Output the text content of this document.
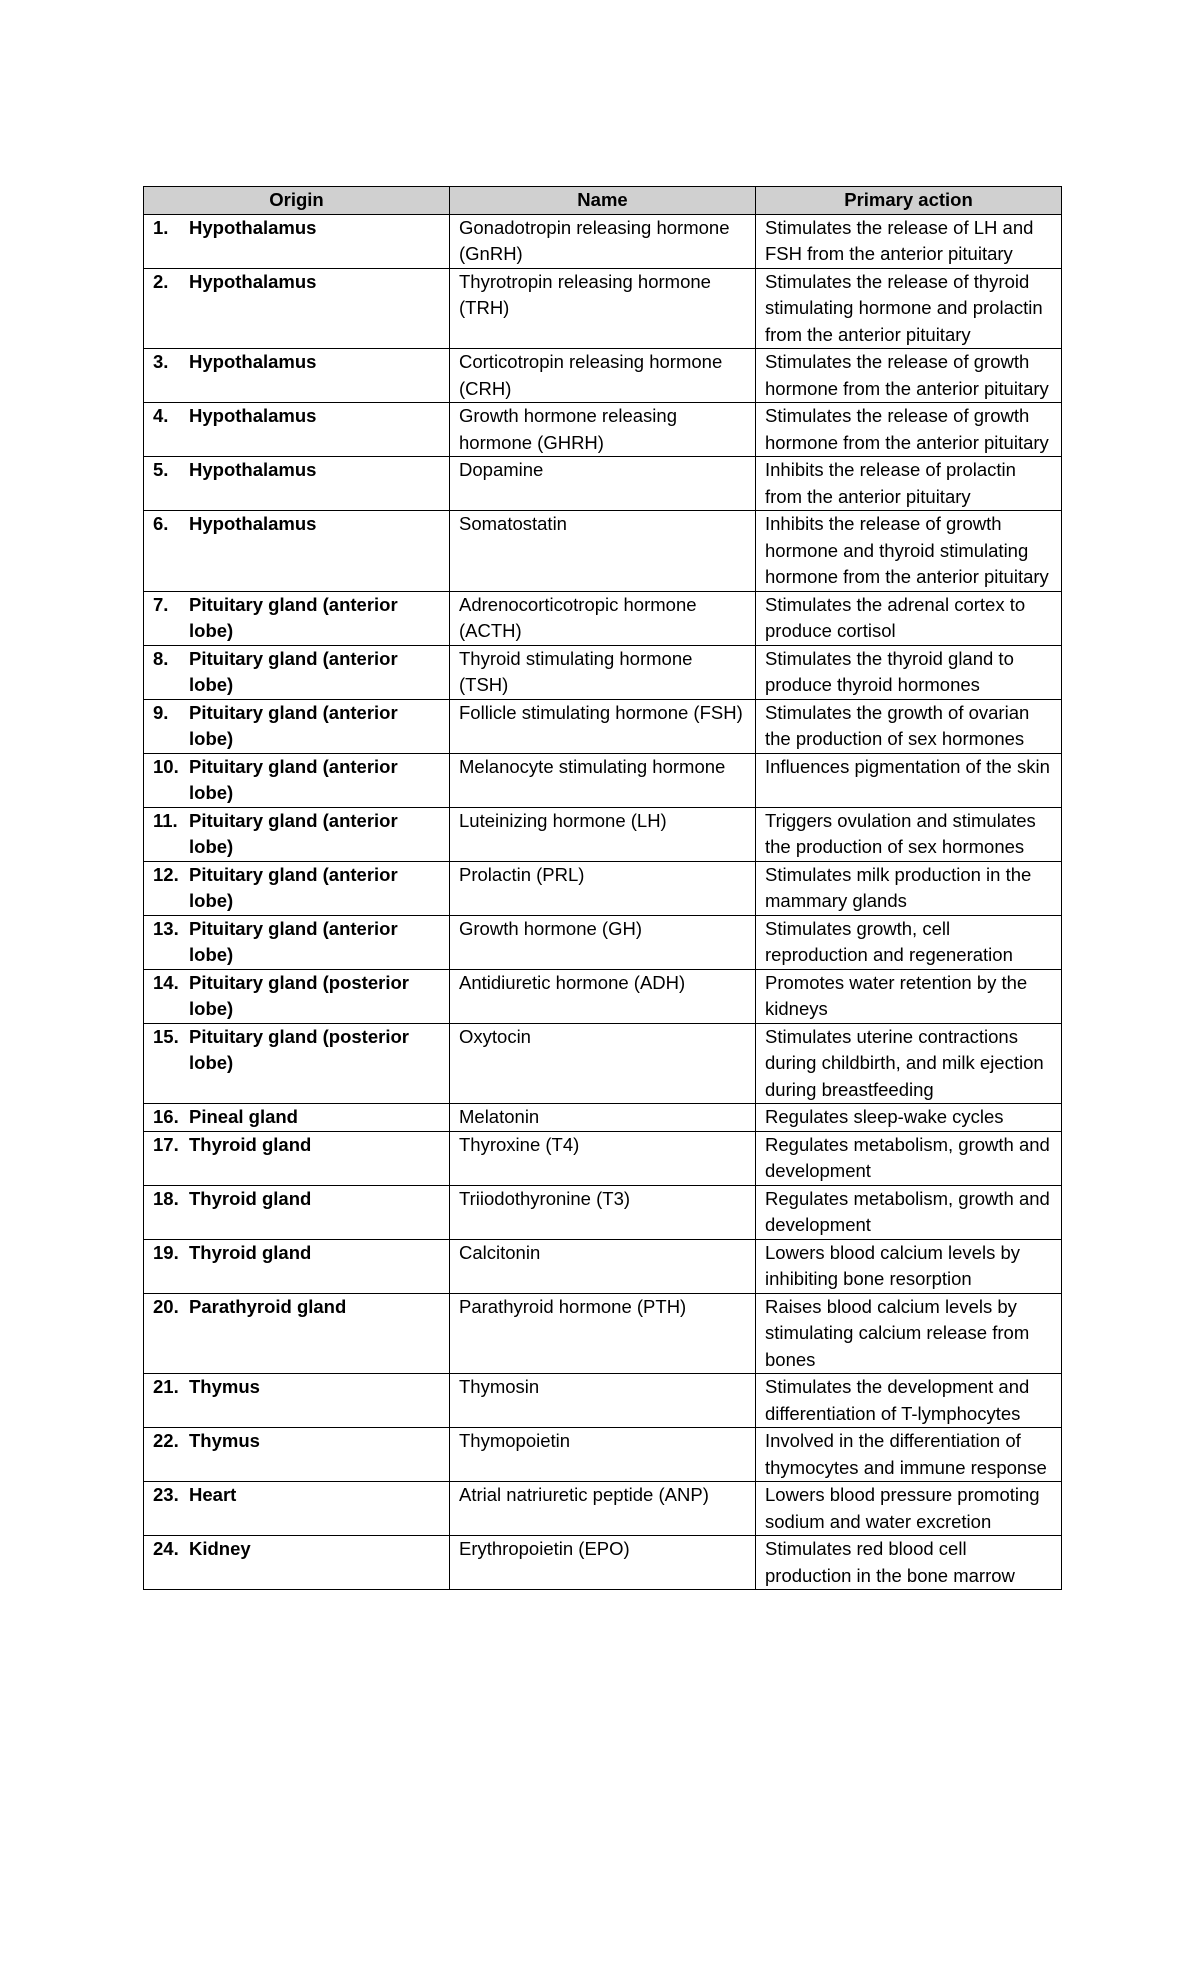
Origin	Name	Primary action

1. Hypothalamus	Gonadotropin releasing hormone (GnRH)	Stimulates the release of LH and FSH from the anterior pituitary

2. Hypothalamus	Thyrotropin releasing hormone (TRH)	Stimulates the release of thyroid stimulating hormone and prolactin from the anterior pituitary

3. Hypothalamus	Corticotropin releasing hormone (CRH)	Stimulates the release of growth hormone from the anterior pituitary

4. Hypothalamus	Growth hormone releasing hormone (GHRH)	Stimulates the release of growth hormone from the anterior pituitary

5. Hypothalamus	Dopamine	Inhibits the release of prolactin from the anterior pituitary

6. Hypothalamus	Somatostatin	Inhibits the release of growth hormone and thyroid stimulating hormone from the anterior pituitary

7. Pituitary gland (anterior lobe)	Adrenocorticotropic hormone (ACTH)	Stimulates the adrenal cortex to produce cortisol

8. Pituitary gland (anterior lobe)	Thyroid stimulating hormone (TSH)	Stimulates the thyroid gland to produce thyroid hormones

9. Pituitary gland (anterior lobe)	Follicle stimulating hormone (FSH)	Stimulates the growth of ovarian the production of sex hormones

10. Pituitary gland (anterior lobe)	Melanocyte stimulating hormone	Influences pigmentation of the skin

11. Pituitary gland (anterior lobe)	Luteinizing hormone (LH)	Triggers ovulation and stimulates the production of sex hormones

12. Pituitary gland (anterior lobe)	Prolactin (PRL)	Stimulates milk production in the mammary glands

13. Pituitary gland (anterior lobe)	Growth hormone (GH)	Stimulates growth, cell reproduction and regeneration

14. Pituitary gland (posterior lobe)	Antidiuretic hormone (ADH)	Promotes water retention by the kidneys

15. Pituitary gland (posterior lobe)	Oxytocin	Stimulates uterine contractions during childbirth, and milk ejection during breastfeeding

16. Pineal gland	Melatonin	Regulates sleep-wake cycles

17. Thyroid gland	Thyroxine (T4)	Regulates metabolism, growth and development

18. Thyroid gland	Triiodothyronine (T3)	Regulates metabolism, growth and development

19. Thyroid gland	Calcitonin	Lowers blood calcium levels by inhibiting bone resorption

20. Parathyroid gland	Parathyroid hormone (PTH)	Raises blood calcium levels by stimulating calcium release from bones

21. Thymus	Thymosin	Stimulates the development and differentiation of T-lymphocytes

22. Thymus	Thymopoietin	Involved in the differentiation of thymocytes and immune response

23. Heart	Atrial natriuretic peptide (ANP)	Lowers blood pressure promoting sodium and water excretion

24. Kidney	Erythropoietin (EPO)	Stimulates red blood cell production in the bone marrow
